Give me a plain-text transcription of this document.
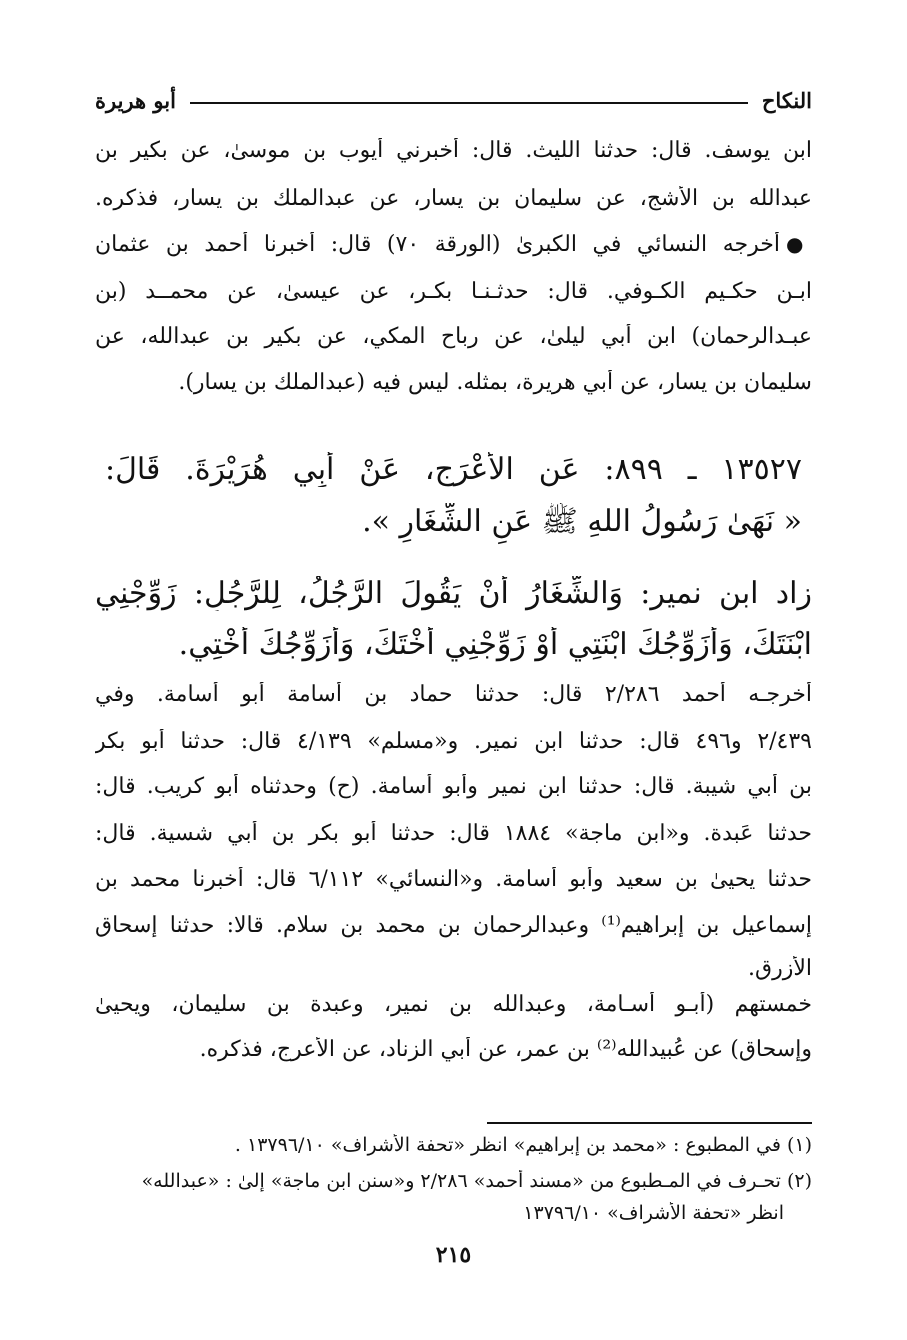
النكاح
أبو هريرة
ابن يوسف. قال: حدثنا الليث. قال: أخبرني أيوب بن موسىٰ، عن بكير بن
عبدالله بن الأشج، عن سليمان بن يسار، عن عبدالملك بن يسار، فذكره.
●أخرجه النسائي في الكبرىٰ (الورقة ٧٠) قال: أخبرنا أحمد بن عثمان
ابـن حكـيم الكـوفي. قال: حدثـنـا بكـر، عن عيسىٰ، عن محمــد (بن
عبـدالرحمان) ابن أبي ليلىٰ، عن رباح المكي، عن بكير بن عبدالله، عن
سليمان بن يسار، عن أبي هريرة، بمثله. ليس فيه (عبدالملك بن يسار).
١٣٥٢٧ ـ ٨٩٩: عَنِ الأَعْرَجِ، عَنْ أَبِي هُرَيْرَةَ. قَالَ:
« نَهَىٰ رَسُولُ اللهِ ﷺ عَنِ الشِّغَارِ ».
زاد ابن نمير: وَالشِّغَارُ أَنْ يَقُولَ الرَّجُلُ، لِلرَّجُلِ: زَوِّجْنِي
ابْنَتَكَ، وَأُزَوِّجُكَ ابْنَتِي أَوْ زَوِّجْنِي أُخْتَكَ، وَأُزَوِّجُكَ أُخْتِي.
أخرجـه أحمد ٢/٢٨٦ قال: حدثنا حماد بن أسامة أبو أسامة. وفي
٢/٤٣٩ و٤٩٦ قال: حدثنا ابن نمير. و«مسلم» ٤/١٣٩ قال: حدثنا أبو بكر
بن أبي شيبة. قال: حدثنا ابن نمير وأبو أسامة. (ح) وحدثناه أبو كريب. قال:
حدثنا عَبدة. و«ابن ماجة» ١٨٨٤ قال: حدثنا أبو بكر بن أبي شسية. قال:
حدثنا يحيىٰ بن سعيد وأبو أسامة. و«النسائي» ٦/١١٢ قال: أخبرنا محمد بن
إسماعيل بن إبراهيم⁽¹⁾ وعبدالرحمان بن محمد بن سلام. قالا: حدثنا إسحاق
الأزرق.
خمستهم (أبـو أسـامة، وعبدالله بن نمير، وعبدة بن سليمان، ويحيىٰ
وإسحاق) عن عُبيدالله⁽²⁾ بن عمر، عن أبي الزناد، عن الأعرج، فذكره.
(١) في المطبوع : «محمد بن إبراهيم» انظر «تحفة الأشراف» ١٣٧٩٦/١٠ .
(٢) تحـرف في المـطبوع من «مسند أحمد» ٢/٢٨٦ و«سنن ابن ماجة» إلىٰ : «عبدالله»
انظر «تحفة الأشراف» ١٣٧٩٦/١٠
٢١٥
